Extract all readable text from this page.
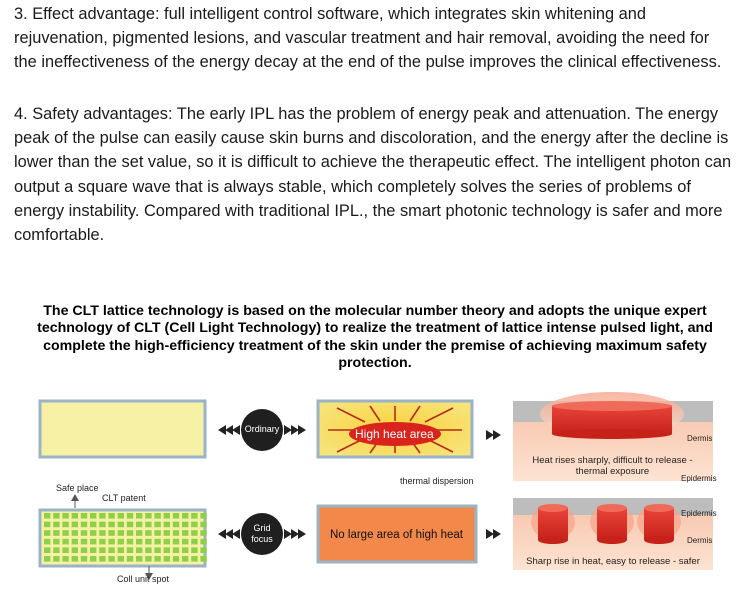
3. Effect advantage: full intelligent control software, which integrates skin whitening and rejuvenation, pigmented lesions, and vascular treatment and hair removal, avoiding the need for the ineffectiveness of the energy decay at the end of the pulse improves the clinical effectiveness.
4. Safety advantages: The early IPL has the problem of energy peak and attenuation. The energy peak of the pulse can easily cause skin burns and discoloration, and the energy after the decline is lower than the set value, so it is difficult to achieve the therapeutic effect. The intelligent photon can output a square wave that is always stable, which completely solves the series of problems of energy instability. Compared with traditional IPL., the smart photonic technology is safer and more comfortable.
The CLT lattice technology is based on the molecular number theory and adopts the unique expert technology of CLT (Cell Light Technology) to realize the treatment of lattice intense pulsed light, and complete the high-efficiency treatment of the skin under the premise of achieving maximum safety protection.
Ordinary
Grid
focus
High heat area
thermal dispersion
No large area of high heat
Dermis
Heat rises sharply, difficult to release - thermal exposure
Epidermis
Epidermis
Dermis
Sharp rise in heat, easy to release - safer
Safe place
CLT patent
Coll unit spot
